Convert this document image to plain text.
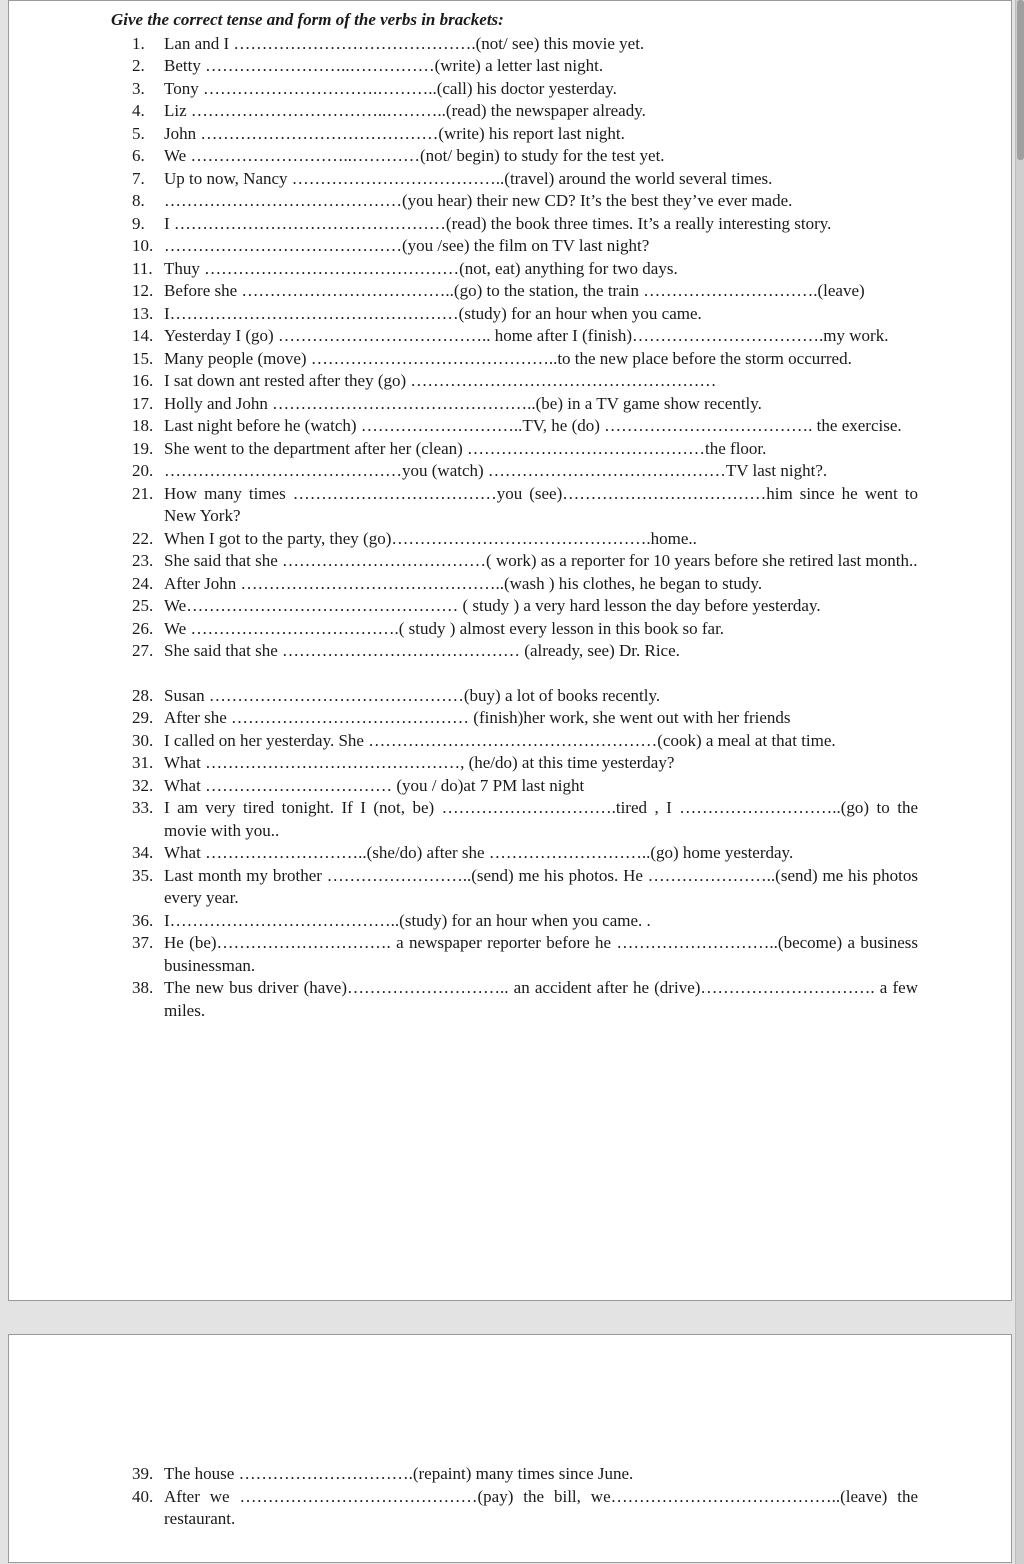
Give the correct tense and form of the verbs in brackets:
1.	Lan and I …………………………………….(not/ see) this movie yet.
2.	Betty ……………………..……………(write) a letter last night.
3.	Tony ………………………….………..(call) his doctor yesterday.
4.	Liz ……………………………..………..(read) the newspaper already.
5.	John ……………………………………(write) his report last night.
6.	We ………………………..…………(not/ begin) to study for the test yet.
7.	Up to now, Nancy ………………………………..(travel) around the world several times.
8.	……………………………………(you hear) their new CD? It’s the best they’ve ever made.
9.	I …………………………………………(read) the book three times. It’s a really interesting story.
10. ……………………………………(you /see) the film on TV last night?
11. Thuy ………………………………………(not, eat) anything for two days.
12. Before she ………………………………..(go) to the station, the train ………………………….(leave)
13. I……………………………………………(study) for an hour when you came.
14. Yesterday I (go) ……………………………….. home after I (finish)…………………………….my work.
15. Many people (move) ……………………………………..to the new place before the storm occurred.
16. I sat down ant rested after they (go) ………………………………………………
17. Holly and John ………………………………………..(be) in a TV game show recently.
18. Last night before he (watch) ………………………..TV, he (do) ………………………………. the exercise.
19. She went to the department after her (clean) ……………………………………the floor.
20. ……………………………………you (watch) ……………………………………TV last night?.
21. How many times ………………………………you (see)………………………………him since he went to New York?
22. When I got to the party, they (go)……………………………………….home..
23. She said that she ………………………………( work) as a reporter for 10 years before she retired last month..
24. After John ………………………………………..(wash ) his clothes, he began to study.
25. We………………………………………… ( study ) a very hard lesson the day before yesterday.
26. We ……………………………….( study ) almost every lesson in this book so far.
27. She said that she …………………………………… (already, see) Dr. Rice.
28. Susan ………………………………………(buy) a lot of books recently.
29. After she …………………………………… (finish)her work, she went out with her friends
30. I called on her yesterday. She ……………………………………………(cook) a meal at that time.
31. What ………………………………………, (he/do) at this time yesterday?
32. What …………………………… (you / do)at 7 PM last night
33. I am very tired tonight. If I (not, be) ………………………….tired , I ………………………..(go) to the movie with you..
34. What ………………………..(she/do) after she ………………………..(go) home yesterday.
35. Last month my brother ……………………..(send) me his photos. He …………………..(send) me his photos every year.
36. I…………………………………..(study) for an hour when you came. .
37. He (be)…………………………. a newspaper reporter before he ………………………..(become) a business businessman.
38. The new bus driver (have)……………………….. an accident after he (drive)…………………………. a few miles.
39. The house ………………………….(repaint) many times since June.
40. After we ……………………………………(pay) the bill, we…………………………………..(leave) the restaurant.
